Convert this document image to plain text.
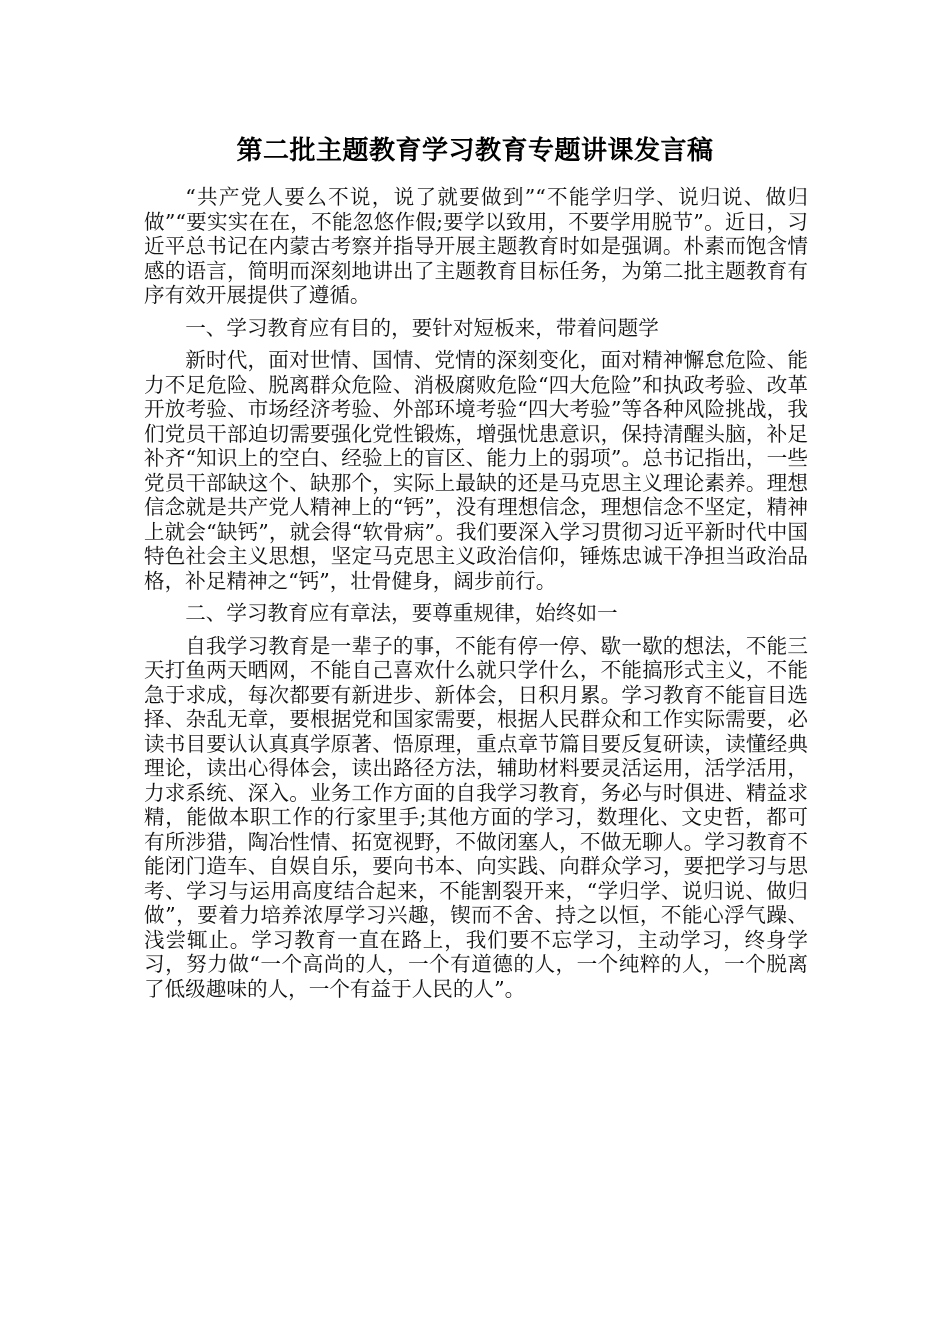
第二批主题教育学习教育专题讲课发言稿

“共产党人要么不说，说了就要做到”“不能学归学、说归说、做归做”“要实实在在，不能忽悠作假;要学以致用，不要学用脱节”。近日，习近平总书记在内蒙古考察并指导开展主题教育时如是强调。朴素而饱含情感的语言，简明而深刻地讲出了主题教育目标任务，为第二批主题教育有序有效开展提供了遵循。

一、学习教育应有目的，要针对短板来，带着问题学

新时代，面对世情、国情、党情的深刻变化，面对精神懈怠危险、能力不足危险、脱离群众危险、消极腐败危险“四大危险”和执政考验、改革开放考验、市场经济考验、外部环境考验“四大考验”等各种风险挑战，我们党员干部迫切需要强化党性锻炼，增强忧患意识，保持清醒头脑，补足补齐“知识上的空白、经验上的盲区、能力上的弱项”。总书记指出，一些党员干部缺这个、缺那个，实际上最缺的还是马克思主义理论素养。理想信念就是共产党人精神上的“钙”，没有理想信念，理想信念不坚定，精神上就会“缺钙”，就会得“软骨病”。我们要深入学习贯彻习近平新时代中国特色社会主义思想，坚定马克思主义政治信仰，锤炼忠诚干净担当政治品格，补足精神之“钙”，壮骨健身，阔步前行。

二、学习教育应有章法，要尊重规律，始终如一

自我学习教育是一辈子的事，不能有停一停、歇一歇的想法，不能三天打鱼两天晒网，不能自己喜欢什么就只学什么，不能搞形式主义，不能急于求成，每次都要有新进步、新体会，日积月累。学习教育不能盲目选择、杂乱无章，要根据党和国家需要，根据人民群众和工作实际需要，必读书目要认认真真学原著、悟原理，重点章节篇目要反复研读，读懂经典理论，读出心得体会，读出路径方法，辅助材料要灵活运用，活学活用，力求系统、深入。业务工作方面的自我学习教育，务必与时俱进、精益求精，能做本职工作的行家里手;其他方面的学习，数理化、文史哲，都可有所涉猎，陶冶性情、拓宽视野，不做闭塞人，不做无聊人。学习教育不能闭门造车、自娱自乐，要向书本、向实践、向群众学习，要把学习与思考、学习与运用高度结合起来，不能割裂开来，“学归学、说归说、做归做”，要着力培养浓厚学习兴趣，锲而不舍、持之以恒，不能心浮气躁、浅尝辄止。学习教育一直在路上，我们要不忘学习，主动学习，终身学习，努力做“一个高尚的人，一个有道德的人，一个纯粹的人，一个脱离了低级趣味的人，一个有益于人民的人”。
